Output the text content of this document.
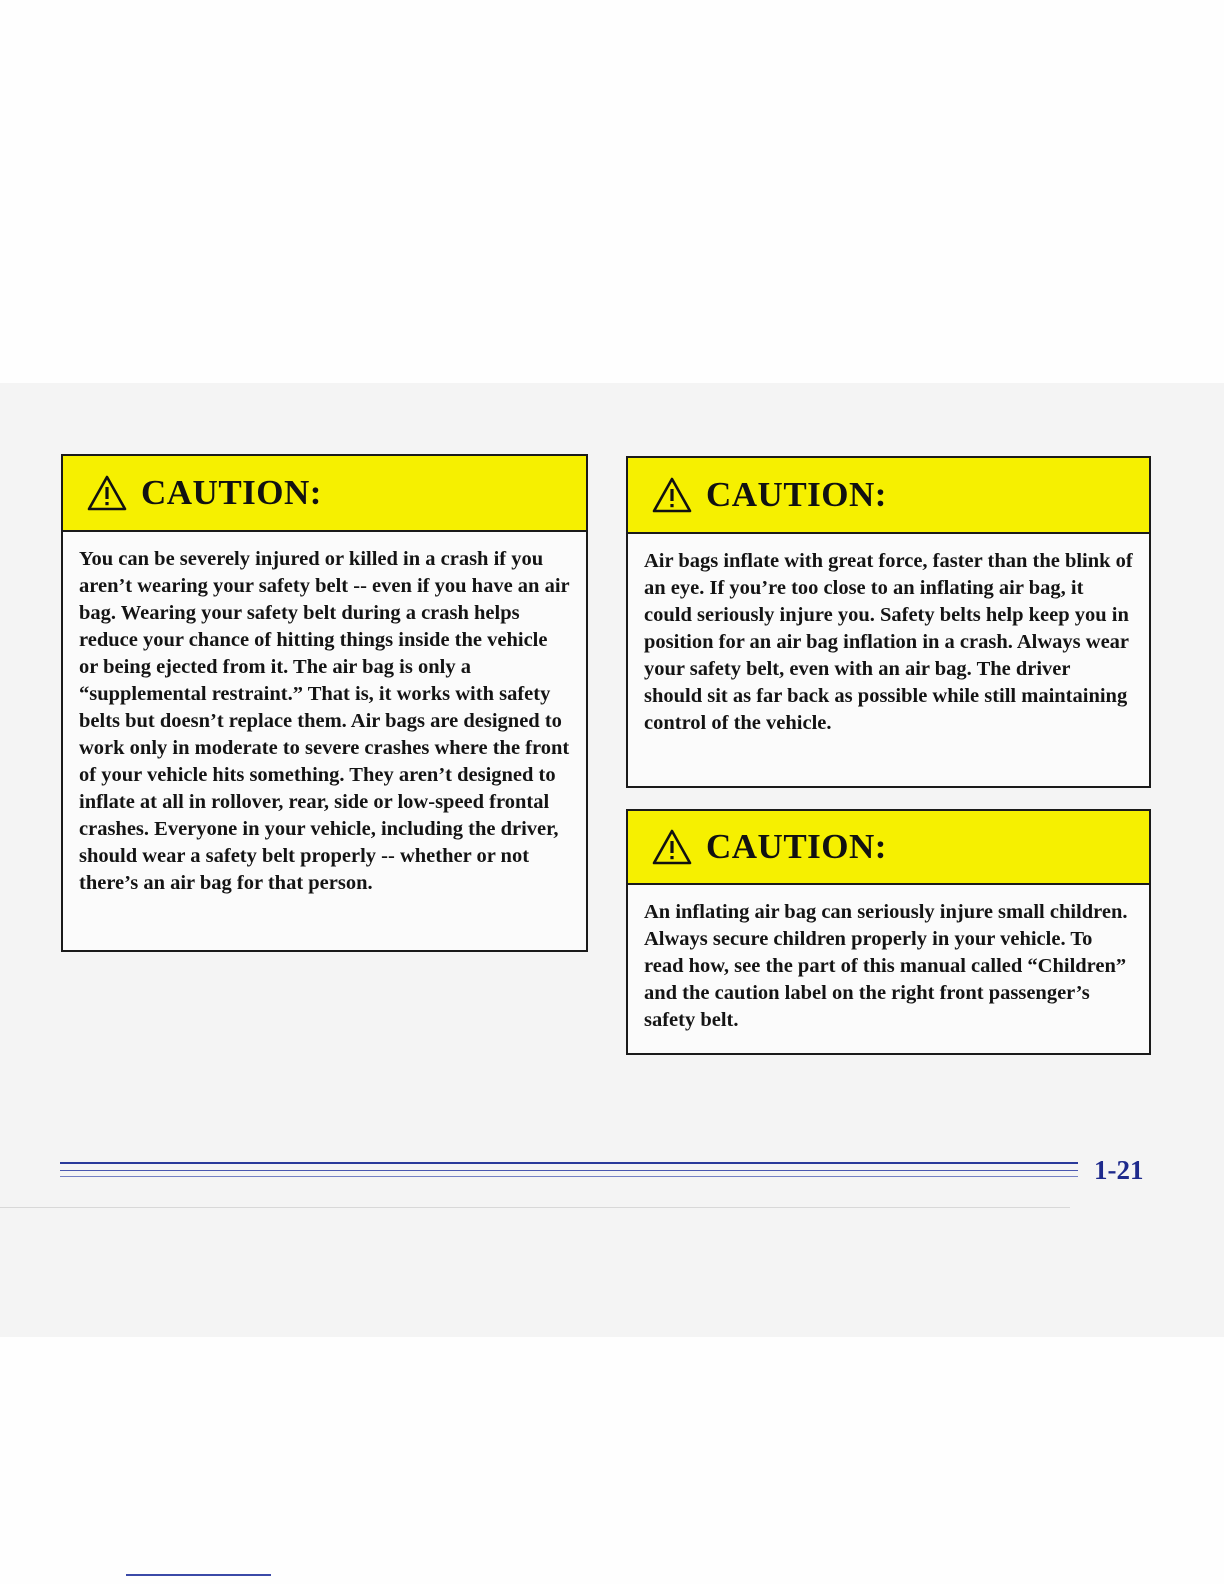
CAUTION:

You can be severely injured or killed in a crash if you aren’t wearing your safety belt -- even if you have an air bag. Wearing your safety belt during a crash helps reduce your chance of hitting things inside the vehicle or being ejected from it. The air bag is only a “supplemental restraint.” That is, it works with safety belts but doesn’t replace them. Air bags are designed to work only in moderate to severe crashes where the front of your vehicle hits something. They aren’t designed to inflate at all in rollover, rear, side or low-speed frontal crashes. Everyone in your vehicle, including the driver, should wear a safety belt properly -- whether or not there’s an air bag for that person.

CAUTION:

Air bags inflate with great force, faster than the blink of an eye. If you’re too close to an inflating air bag, it could seriously injure you. Safety belts help keep you in position for an air bag inflation in a crash. Always wear your safety belt, even with an air bag. The driver should sit as far back as possible while still maintaining control of the vehicle.

CAUTION:

An inflating air bag can seriously injure small children. Always secure children properly in your vehicle. To read how, see the part of this manual called “Children” and the caution label on the right front passenger’s safety belt.

1-21
